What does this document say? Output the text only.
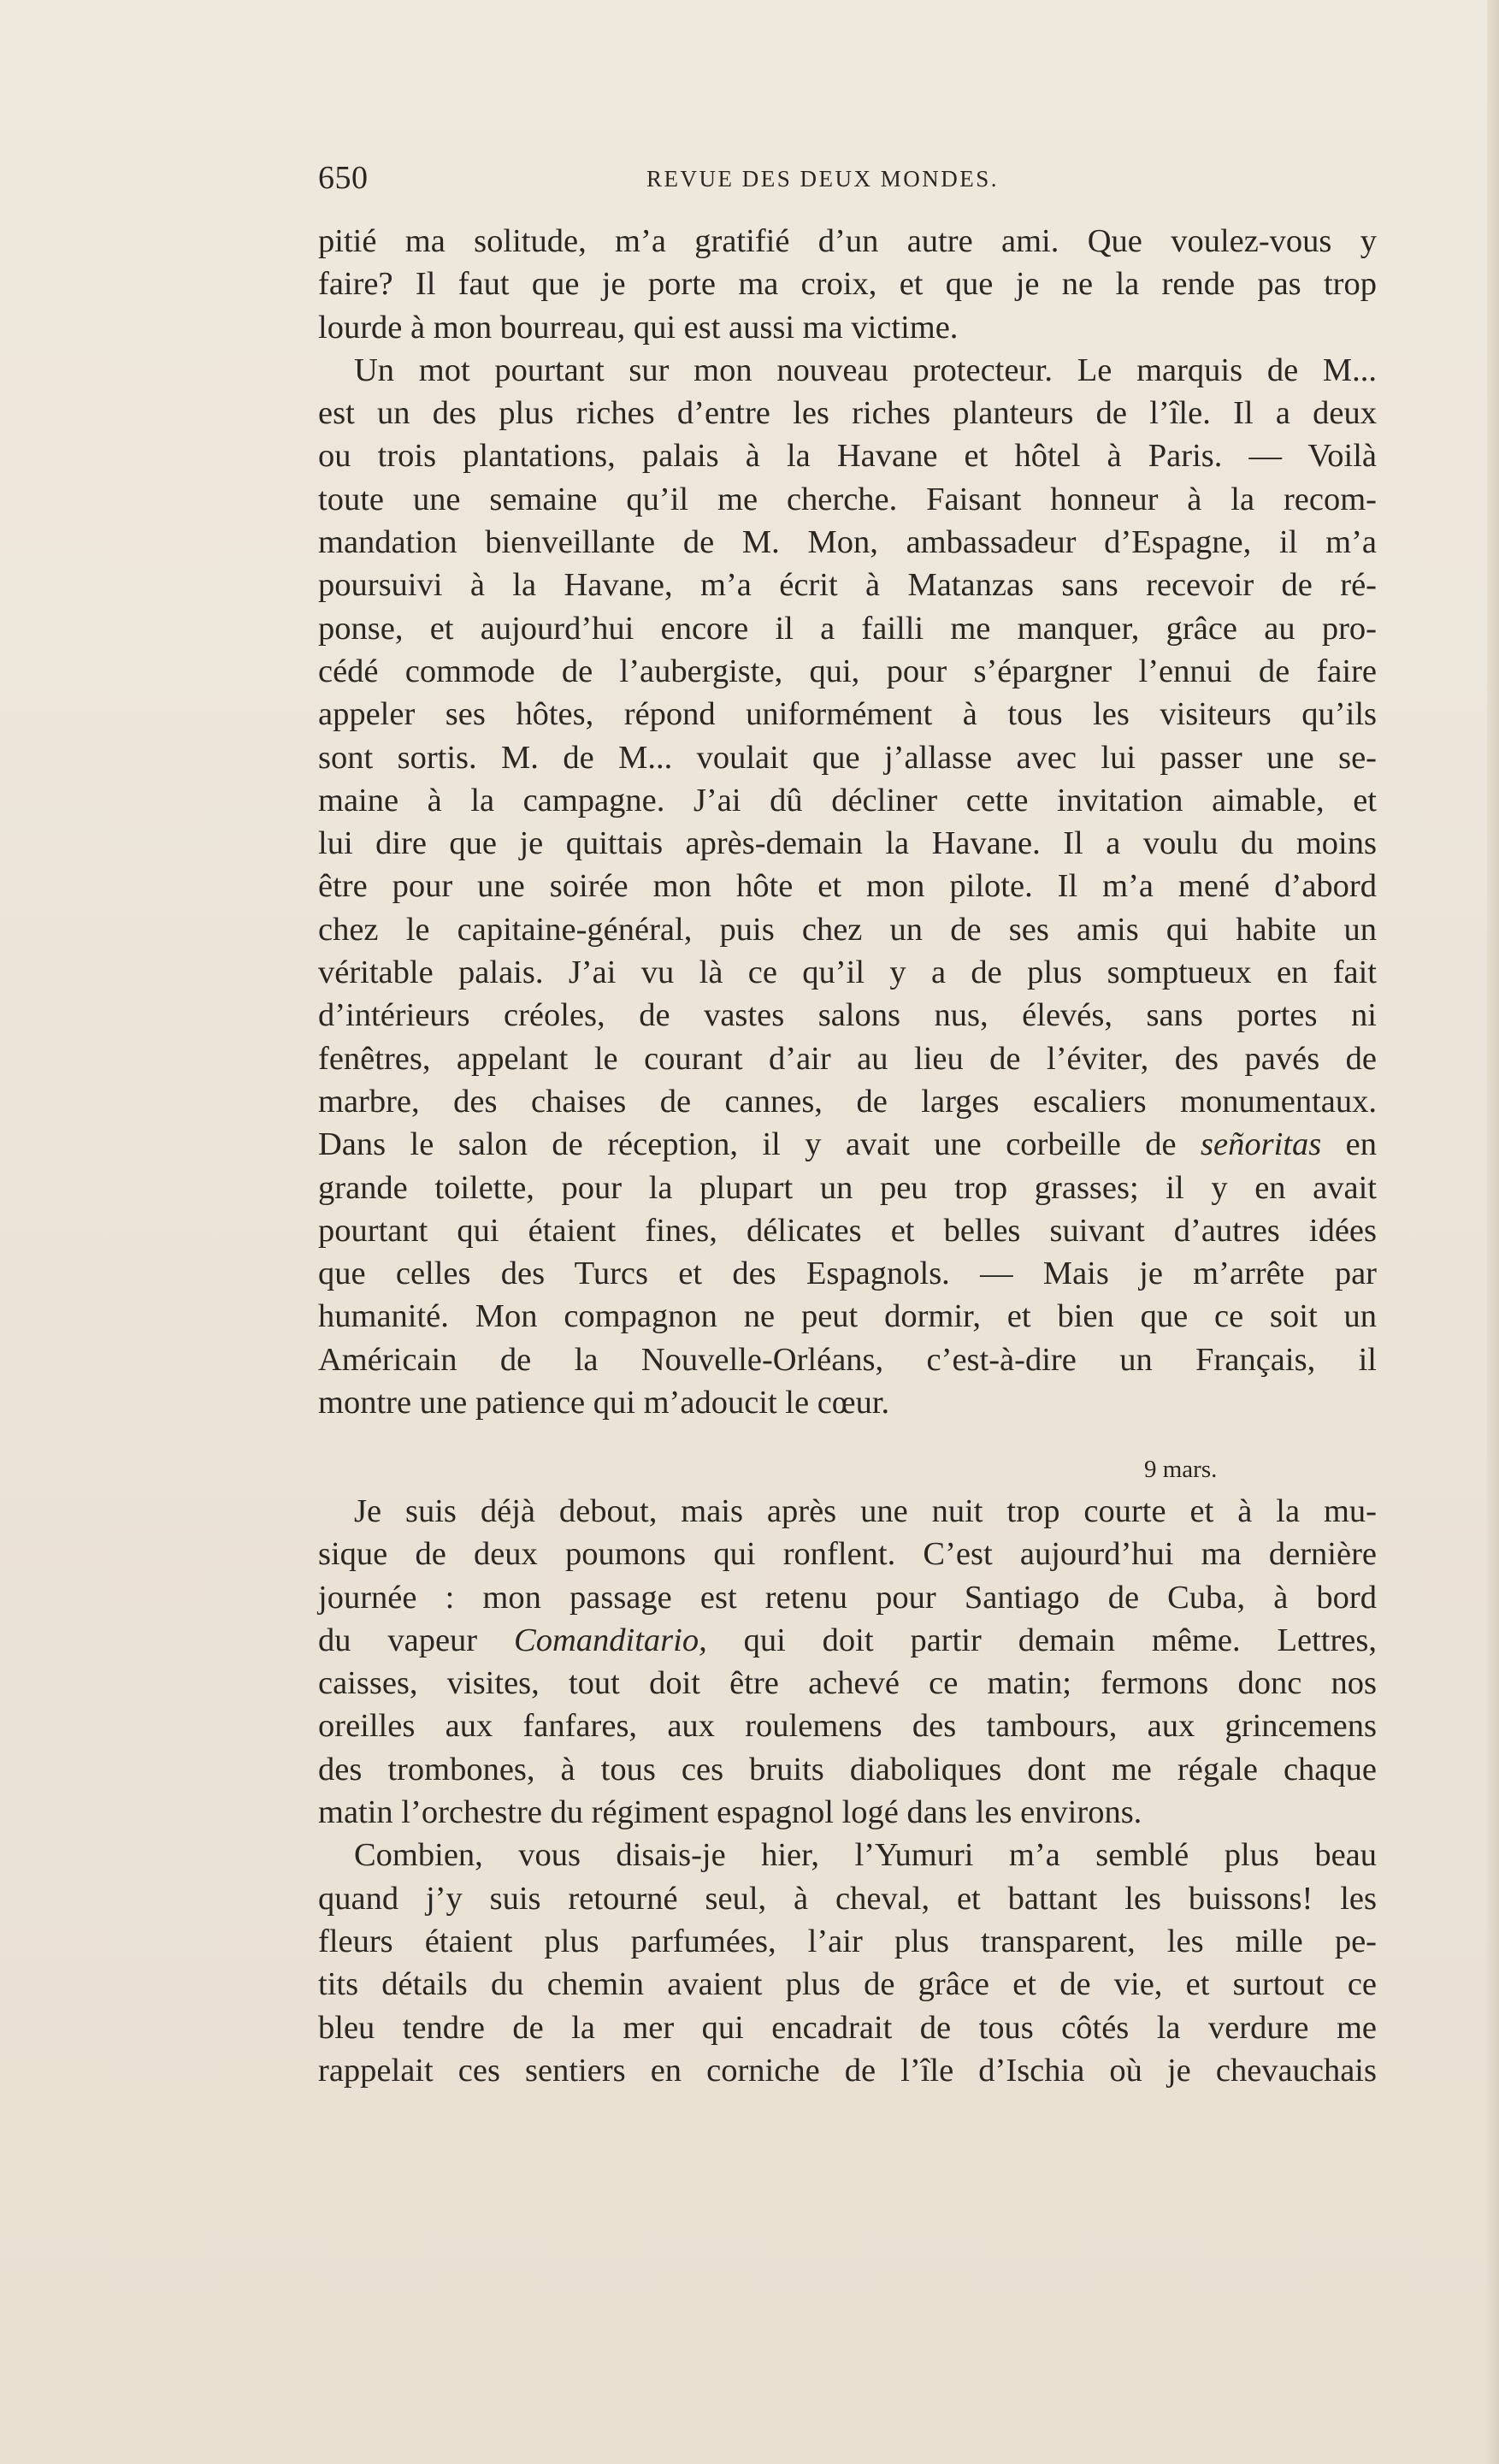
650	REVUE DES DEUX MONDES.
pitié ma solitude, m’a gratifié d’un autre ami. Que voulez-vous y
faire? Il faut que je porte ma croix, et que je ne la rende pas trop
lourde à mon bourreau, qui est aussi ma victime.
Un mot pourtant sur mon nouveau protecteur. Le marquis de M...
est un des plus riches d’entre les riches planteurs de l’île. Il a deux
ou trois plantations, palais à la Havane et hôtel à Paris. — Voilà
toute une semaine qu’il me cherche. Faisant honneur à la recom-
mandation bienveillante de M. Mon, ambassadeur d’Espagne, il m’a
poursuivi à la Havane, m’a écrit à Matanzas sans recevoir de ré-
ponse, et aujourd’hui encore il a failli me manquer, grâce au pro-
cédé commode de l’aubergiste, qui, pour s’épargner l’ennui de faire
appeler ses hôtes, répond uniformément à tous les visiteurs qu’ils
sont sortis. M. de M... voulait que j’allasse avec lui passer une se-
maine à la campagne. J’ai dû décliner cette invitation aimable, et
lui dire que je quittais après-demain la Havane. Il a voulu du moins
être pour une soirée mon hôte et mon pilote. Il m’a mené d’abord
chez le capitaine-général, puis chez un de ses amis qui habite un
véritable palais. J’ai vu là ce qu’il y a de plus somptueux en fait
d’intérieurs créoles, de vastes salons nus, élevés, sans portes ni
fenêtres, appelant le courant d’air au lieu de l’éviter, des pavés de
marbre, des chaises de cannes, de larges escaliers monumentaux.
Dans le salon de réception, il y avait une corbeille de señoritas en
grande toilette, pour la plupart un peu trop grasses; il y en avait
pourtant qui étaient fines, délicates et belles suivant d’autres idées
que celles des Turcs et des Espagnols. — Mais je m’arrête par
humanité. Mon compagnon ne peut dormir, et bien que ce soit un
Américain de la Nouvelle-Orléans, c’est-à-dire un Français, il
montre une patience qui m’adoucit le cœur.
9 mars.
Je suis déjà debout, mais après une nuit trop courte et à la mu-
sique de deux poumons qui ronflent. C’est aujourd’hui ma dernière
journée : mon passage est retenu pour Santiago de Cuba, à bord
du vapeur Comanditario, qui doit partir demain même. Lettres,
caisses, visites, tout doit être achevé ce matin; fermons donc nos
oreilles aux fanfares, aux roulemens des tambours, aux grincemens
des trombones, à tous ces bruits diaboliques dont me régale chaque
matin l’orchestre du régiment espagnol logé dans les environs.
Combien, vous disais-je hier, l’Yumuri m’a semblé plus beau
quand j’y suis retourné seul, à cheval, et battant les buissons! les
fleurs étaient plus parfumées, l’air plus transparent, les mille pe-
tits détails du chemin avaient plus de grâce et de vie, et surtout ce
bleu tendre de la mer qui encadrait de tous côtés la verdure me
rappelait ces sentiers en corniche de l’île d’Ischia où je chevauchais
